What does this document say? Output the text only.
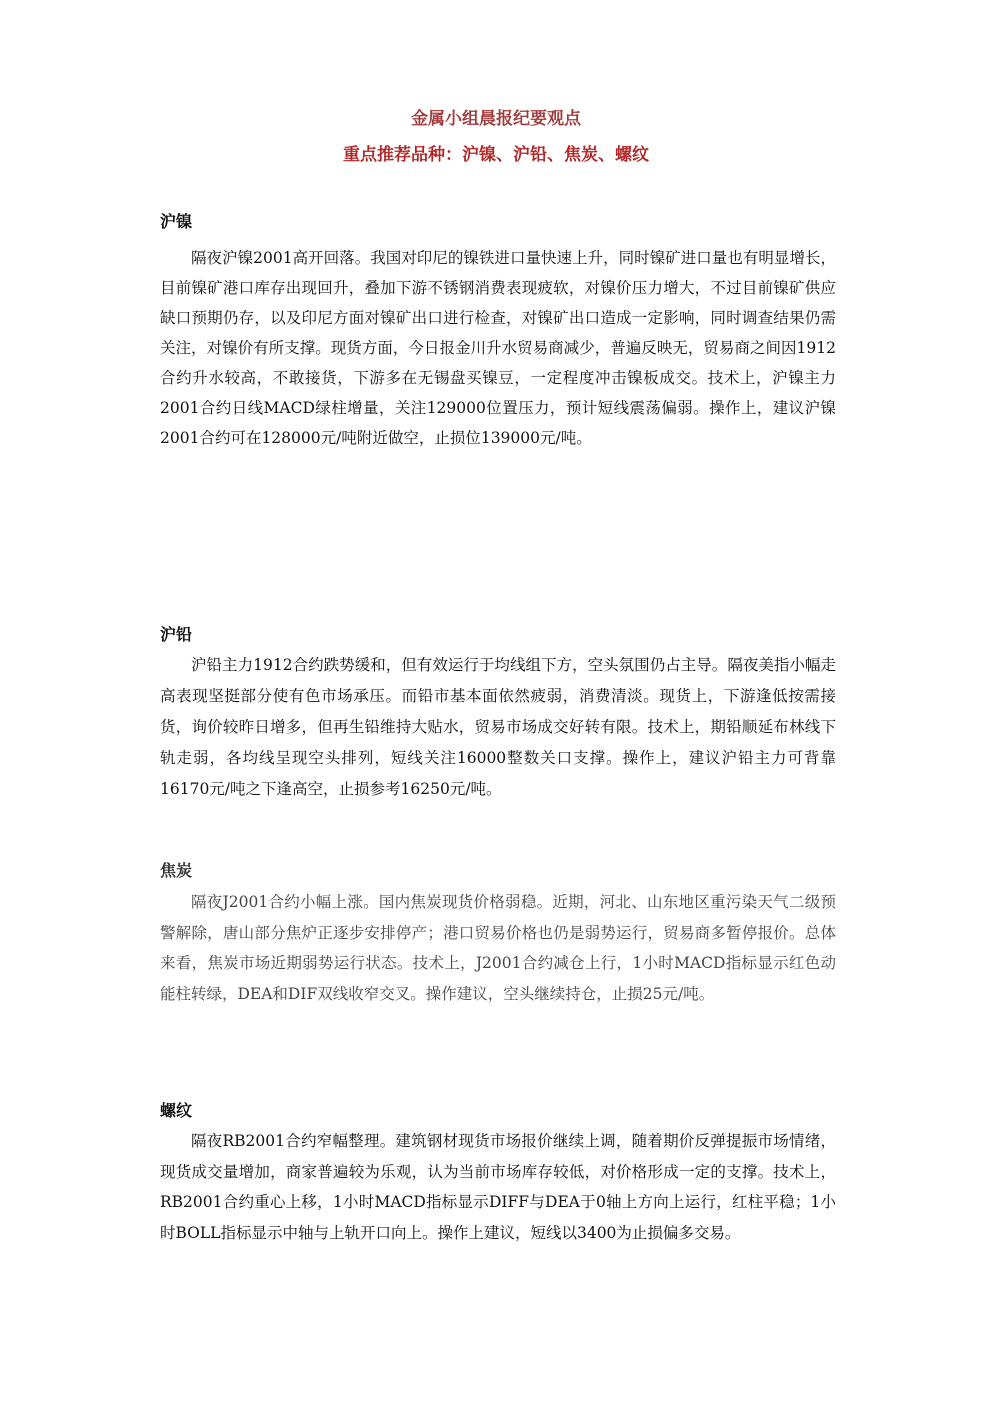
金属小组晨报纪要观点
重点推荐品种：沪镍、沪铅、焦炭、螺纹
沪镍

隔夜沪镍2001高开回落。我国对印尼的镍铁进口量快速上升，同时镍矿进口量也有明显增长，目前镍矿港口库存出现回升，叠加下游不锈钢消费表现疲软，对镍价压力增大，不过目前镍矿供应缺口预期仍存，以及印尼方面对镍矿出口进行检查，对镍矿出口造成一定影响，同时调查结果仍需关注，对镍价有所支撑。现货方面，今日报金川升水贸易商减少，普遍反映无，贸易商之间因1912合约升水较高，不敢接货，下游多在无锡盘买镍豆，一定程度冲击镍板成交。技术上，沪镍主力2001合约日线MACD绿柱增量，关注129000位置压力，预计短线震荡偏弱。操作上，建议沪镍2001合约可在128000元/吨附近做空，止损位139000元/吨。

沪铅

沪铅主力1912合约跌势缓和，但有效运行于均线组下方，空头氛围仍占主导。隔夜美指小幅走高表现坚挺部分使有色市场承压。而铅市基本面依然疲弱，消费清淡。现货上，下游逢低按需接货，询价较昨日增多，但再生铅维持大贴水，贸易市场成交好转有限。技术上，期铅顺延布林线下轨走弱，各均线呈现空头排列，短线关注16000整数关口支撑。操作上，建议沪铅主力可背靠16170元/吨之下逢高空，止损参考16250元/吨。

焦炭

隔夜J2001合约小幅上涨。国内焦炭现货价格弱稳。近期，河北、山东地区重污染天气二级预警解除，唐山部分焦炉正逐步安排停产；港口贸易价格也仍是弱势运行，贸易商多暂停报价。总体来看，焦炭市场近期弱势运行状态。技术上，J2001合约减仓上行，1小时MACD指标显示红色动能柱转绿，DEA和DIF双线收窄交叉。操作建议，空头继续持仓，止损25元/吨。

螺纹

隔夜RB2001合约窄幅整理。建筑钢材现货市场报价继续上调，随着期价反弹提振市场情绪，现货成交量增加，商家普遍较为乐观，认为当前市场库存较低，对价格形成一定的支撑。技术上，RB2001合约重心上移，1小时MACD指标显示DIFF与DEA于0轴上方向上运行，红柱平稳；1小时BOLL指标显示中轴与上轨开口向上。操作上建议，短线以3400为止损偏多交易。
